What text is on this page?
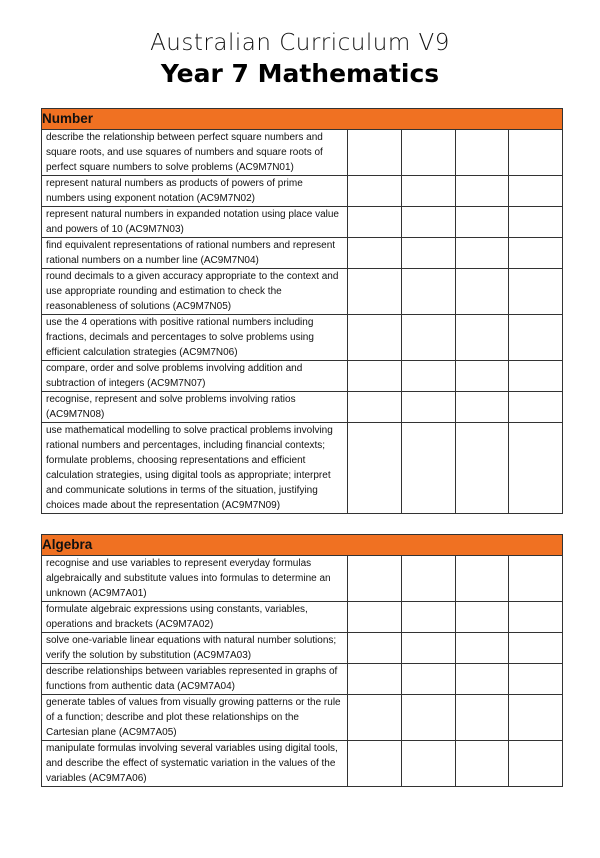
Australian Curriculum V9
Year 7 Mathematics
Number				
describe the relationship between perfect square numbers and square roots, and use squares of numbers and square roots of perfect square numbers to solve problems (AC9M7N01)				
represent natural numbers as products of powers of prime numbers using exponent notation (AC9M7N02)				
represent natural numbers in expanded notation using place value and powers of 10 (AC9M7N03)				
find equivalent representations of rational numbers and represent rational numbers on a number line (AC9M7N04)				
round decimals to a given accuracy appropriate to the context and use appropriate rounding and estimation to check the reasonableness of solutions (AC9M7N05)				
use the 4 operations with positive rational numbers including fractions, decimals and percentages to solve problems using efficient calculation strategies (AC9M7N06)				
compare, order and solve problems involving addition and subtraction of integers (AC9M7N07)				
recognise, represent and solve problems involving ratios (AC9M7N08)				
use mathematical modelling to solve practical problems involving rational numbers and percentages, including financial contexts; formulate problems, choosing representations and efficient calculation strategies, using digital tools as appropriate; interpret and communicate solutions in terms of the situation, justifying choices made about the representation (AC9M7N09)				
Algebra				
recognise and use variables to represent everyday formulas algebraically and substitute values into formulas to determine an unknown (AC9M7A01)				
formulate algebraic expressions using constants, variables, operations and brackets (AC9M7A02)				
solve one-variable linear equations with natural number solutions; verify the solution by substitution (AC9M7A03)				
describe relationships between variables represented in graphs of functions from authentic data (AC9M7A04)				
generate tables of values from visually growing patterns or the rule of a function; describe and plot these relationships on the Cartesian plane (AC9M7A05)				
manipulate formulas involving several variables using digital tools, and describe the effect of systematic variation in the values of the variables (AC9M7A06)				
